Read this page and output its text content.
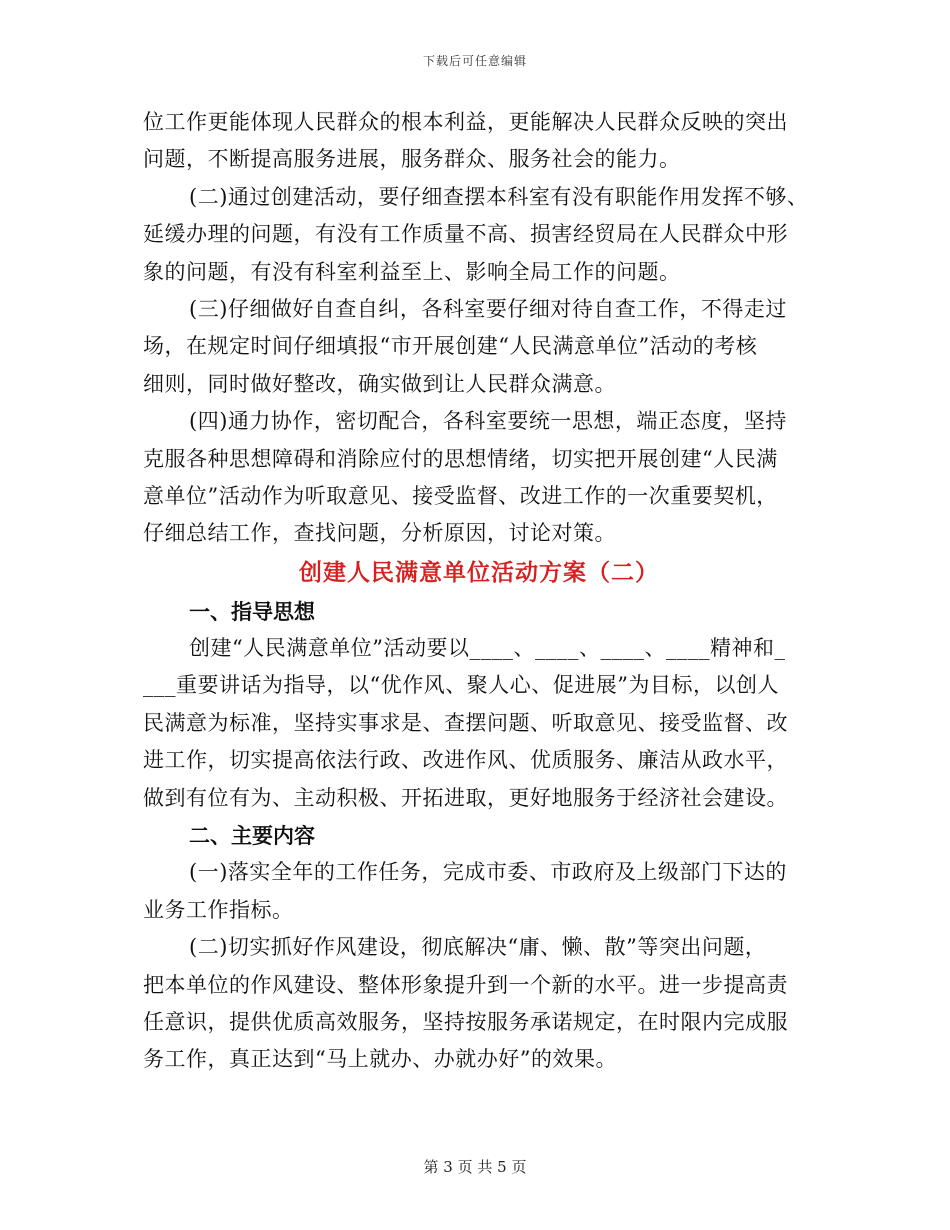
下载后可任意编辑
位工作更能体现人民群众的根本利益，更能解决人民群众反映的突出
问题，不断提高服务进展，服务群众、服务社会的能力。
(二)通过创建活动，要仔细查摆本科室有没有职能作用发挥不够、
延缓办理的问题，有没有工作质量不高、损害经贸局在人民群众中形
象的问题，有没有科室利益至上、影响全局工作的问题。
(三)仔细做好自查自纠，各科室要仔细对待自查工作，不得走过
场，在规定时间仔细填报“市开展创建“人民满意单位”活动的考核
细则，同时做好整改，确实做到让人民群众满意。
(四)通力协作，密切配合，各科室要统一思想，端正态度，坚持
克服各种思想障碍和消除应付的思想情绪，切实把开展创建“人民满
意单位”活动作为听取意见、接受监督、改进工作的一次重要契机，
仔细总结工作，查找问题，分析原因，讨论对策。
创建人民满意单位活动方案（二）
一、指导思想
创建“人民满意单位”活动要以____、____、____、____精神和_
___重要讲话为指导，以“优作风、聚人心、促进展”为目标，以创人
民满意为标准，坚持实事求是、查摆问题、听取意见、接受监督、改
进工作，切实提高依法行政、改进作风、优质服务、廉洁从政水平，
做到有位有为、主动积极、开拓进取，更好地服务于经济社会建设。
二、主要内容
(一)落实全年的工作任务，完成市委、市政府及上级部门下达的
业务工作指标。
(二)切实抓好作风建设，彻底解决“庸、懒、散”等突出问题，
把本单位的作风建设、整体形象提升到一个新的水平。进一步提高责
任意识，提供优质高效服务，坚持按服务承诺规定，在时限内完成服
务工作，真正达到“马上就办、办就办好”的效果。
第 3 页 共 5 页
